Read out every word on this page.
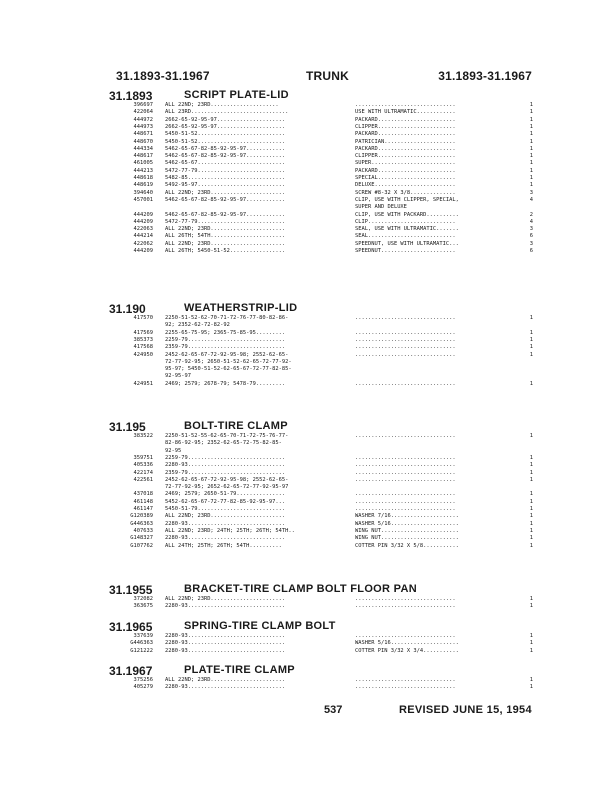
31.1893-31.1967	TRUNK	31.1893-31.1967
31.1893	SCRIPT PLATE-LID
396697 ALL 22ND; 23RD.....................	...............................	1
422064 ALL 23RD..............................	USE WITH ULTRAMATIC............	1
444972 2662-65-92-95-97.....................	PACKARD........................	1
444973 2662-65-92-95-97.....................	CLIPPER........................	1
448671 5450-51-52...........................	PACKARD........................	1
448670 5450-51-52...........................	PATRICIAN......................	1
444334 5462-65-67-82-85-92-95-97............	PACKARD........................	1
448617 5462-65-67-82-85-92-95-97............	CLIPPER........................	1
461005 5462-65-67...........................	SUPER..........................	1
444213 5472-77-79...........................	PACKARD........................	1
448618 5482-85..............................	SPECIAL........................	1
448619 5492-95-97...........................	DELUXE.........................	1
394640 ALL 22ND; 23RD.......................	SCREW #8-32 X 3/8..............	3
457001 5462-65-67-82-85-92-95-97............	CLIP, USE WITH CLIPPER, SPECIAL,	4
SUPER AND DELUXE
444209 5462-65-67-82-85-92-95-97............	CLIP, USE WITH PACKARD..........	2
444209 5472-77-79...........................	CLIP...........................	4
422063 ALL 22ND; 23RD.......................	SEAL, USE WITH ULTRAMATIC.......	3
444214 ALL 26TH; 54TH.......................	SEAL...........................	6
422062 ALL 22ND; 23RD.......................	SPEEDNUT, USE WITH ULTRAMATIC...	3
444209 ALL 26TH; 5450-51-52.................	SPEEDNUT.......................	6
31.190	WEATHERSTRIP-LID
417570 2250-51-52-62-70-71-72-76-77-80-82-86-	...............................	1
92; 2352-62-72-82-92
417569 2255-65-75-95; 2365-75-85-95.........	...............................	1
385373 2259-79..............................	...............................	1
417568 2359-79..............................	...............................	1
424950 2452-62-65-67-72-92-95-98; 2552-62-65-	...............................	1
72-77-92-95; 2650-51-52-62-65-72-77-92-
95-97; 5450-51-52-62-65-67-72-77-82-85-
92-95-97
424951 2469; 2579; 2678-79; 5478-79.........	...............................	1
31.195	BOLT-TIRE CLAMP
383522 2250-51-52-55-62-65-70-71-72-75-76-77-	...............................	1
82-86-92-95; 2352-62-65-72-75-82-85-
92-95
359751 2259-79..............................	...............................	1
405336 2280-93..............................	...............................	1
422174 2359-79..............................	...............................	1
422561 2452-62-65-67-72-92-95-98; 2552-62-65-	...............................	1
72-77-92-95; 2652-62-65-72-77-92-95-97
437018 2469; 2579; 2650-51-79...............	...............................	1
461148 5452-62-65-67-72-77-82-85-92-95-97...	...............................	1
461147 5450-51-79...........................	...............................	1
G120389 ALL 22ND; 23RD.......................	WASHER 7/16.....................	1
G446363 2280-93..............................	WASHER 5/16.....................	1
407633 ALL 22ND; 23RD; 24TH; 25TH; 26TH; 54TH..	WING NUT........................	1
G148327 2280-93..............................	WING NUT........................	1
G107762 ALL 24TH; 25TH; 26TH; 54TH..........	COTTER PIN 3/32 X 5/8...........	1
31.1955	BRACKET-TIRE CLAMP BOLT FLOOR PAN
372082 ALL 22ND; 23RD.......................	...............................	1
363675 2280-93..............................	...............................	1
31.1965	SPRING-TIRE CLAMP BOLT
337639 2280-93..............................	...............................	1
G446363 2280-93..............................	WASHER 5/16.....................	1
G121222 2280-93..............................	COTTER PIN 3/32 X 3/4...........	1
31.1967	PLATE-TIRE CLAMP
375256 ALL 22ND; 23RD.......................	...............................	1
405279 2280-93..............................	...............................	1
537	REVISED JUNE 15, 1954
